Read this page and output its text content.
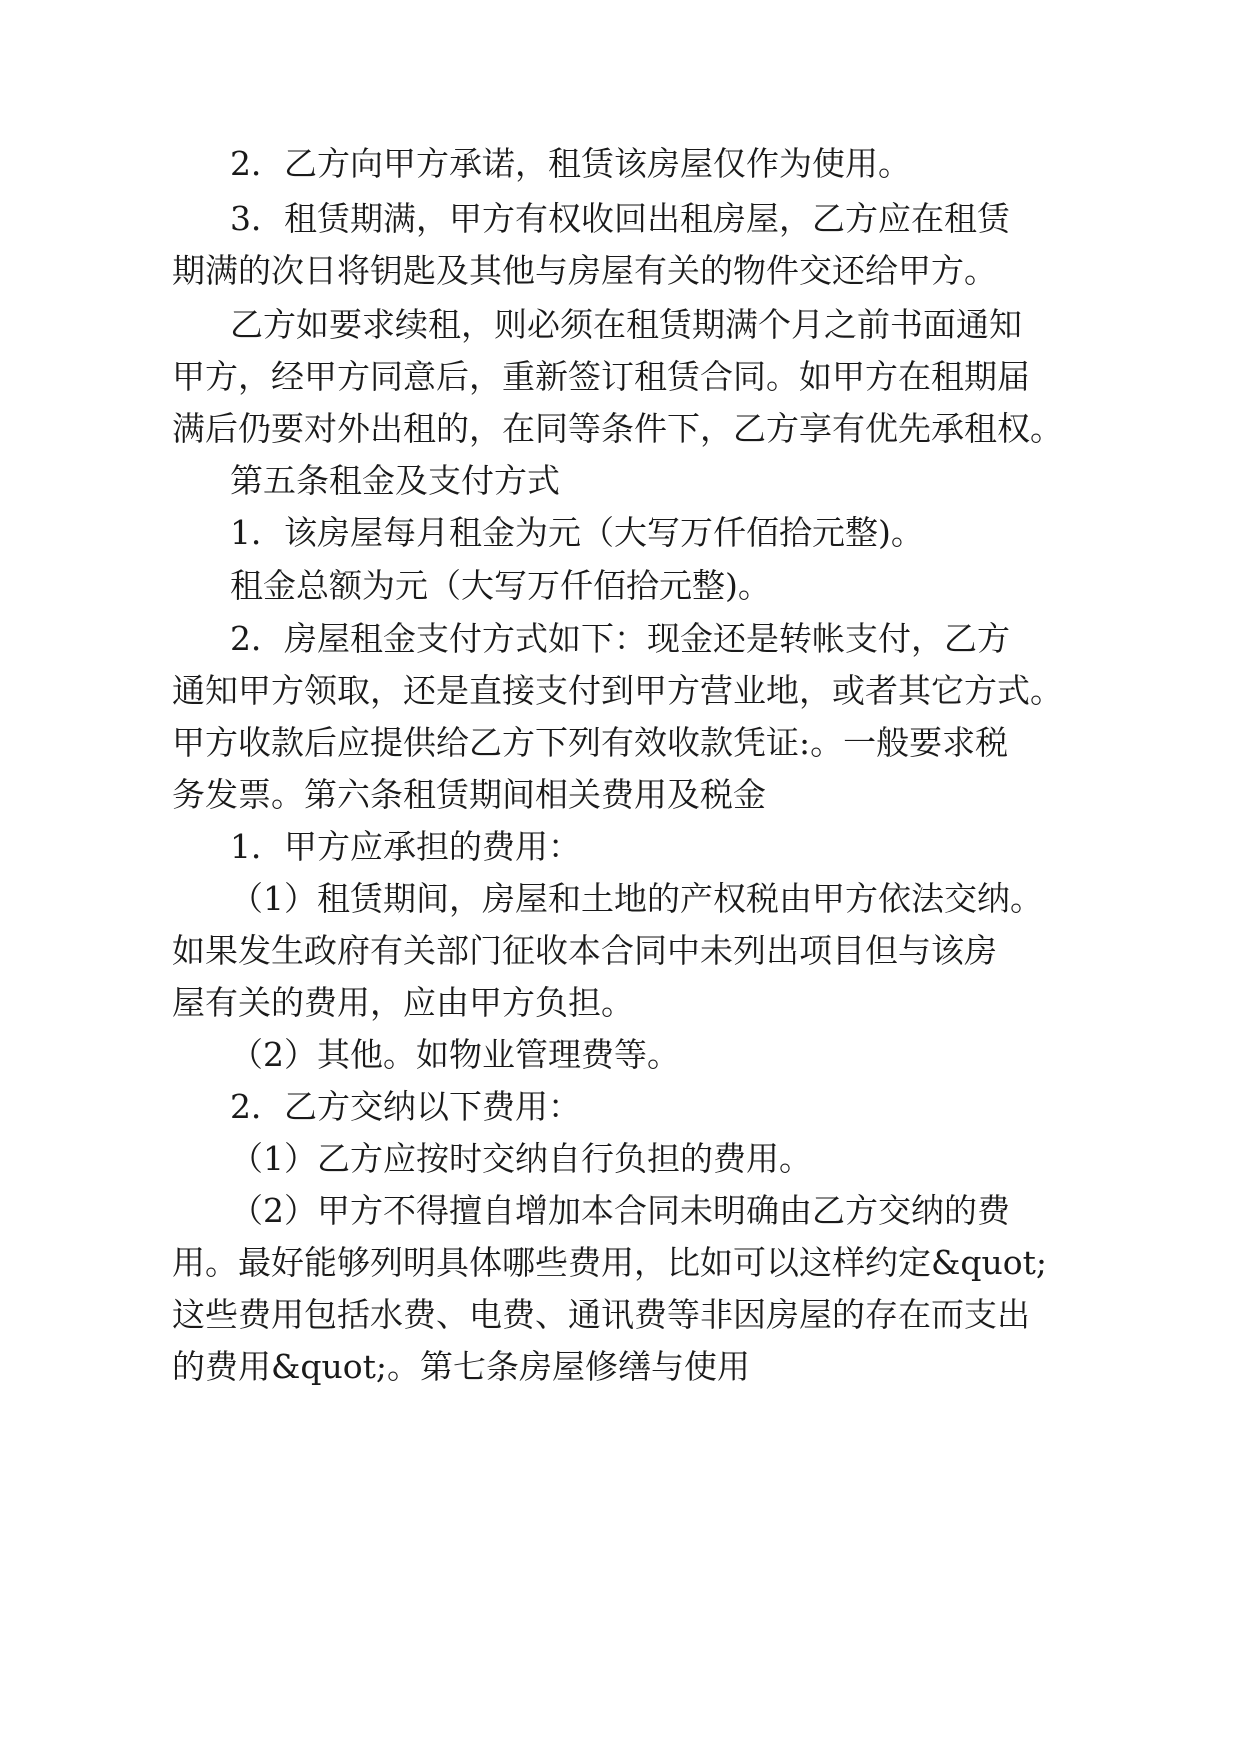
2．乙方向甲方承诺，租赁该房屋仅作为使用。
3．租赁期满，甲方有权收回出租房屋，乙方应在租赁
期满的次日将钥匙及其他与房屋有关的物件交还给甲方。
乙方如要求续租，则必须在租赁期满个月之前书面通知
甲方，经甲方同意后，重新签订租赁合同。如甲方在租期届
满后仍要对外出租的，在同等条件下，乙方享有优先承租权。
第五条租金及支付方式
1．该房屋每月租金为元（大写万仟佰拾元整)。
租金总额为元（大写万仟佰拾元整)。
2．房屋租金支付方式如下：现金还是转帐支付，乙方
通知甲方领取，还是直接支付到甲方营业地，或者其它方式。
甲方收款后应提供给乙方下列有效收款凭证:。一般要求税
务发票。第六条租赁期间相关费用及税金
1．甲方应承担的费用：
（1）租赁期间，房屋和土地的产权税由甲方依法交纳。
如果发生政府有关部门征收本合同中未列出项目但与该房
屋有关的费用，应由甲方负担。
（2）其他。如物业管理费等。
2．乙方交纳以下费用：
（1）乙方应按时交纳自行负担的费用。
（2）甲方不得擅自增加本合同未明确由乙方交纳的费
用。最好能够列明具体哪些费用，比如可以这样约定&quot;
这些费用包括水费、电费、通讯费等非因房屋的存在而支出
的费用&quot;。第七条房屋修缮与使用
